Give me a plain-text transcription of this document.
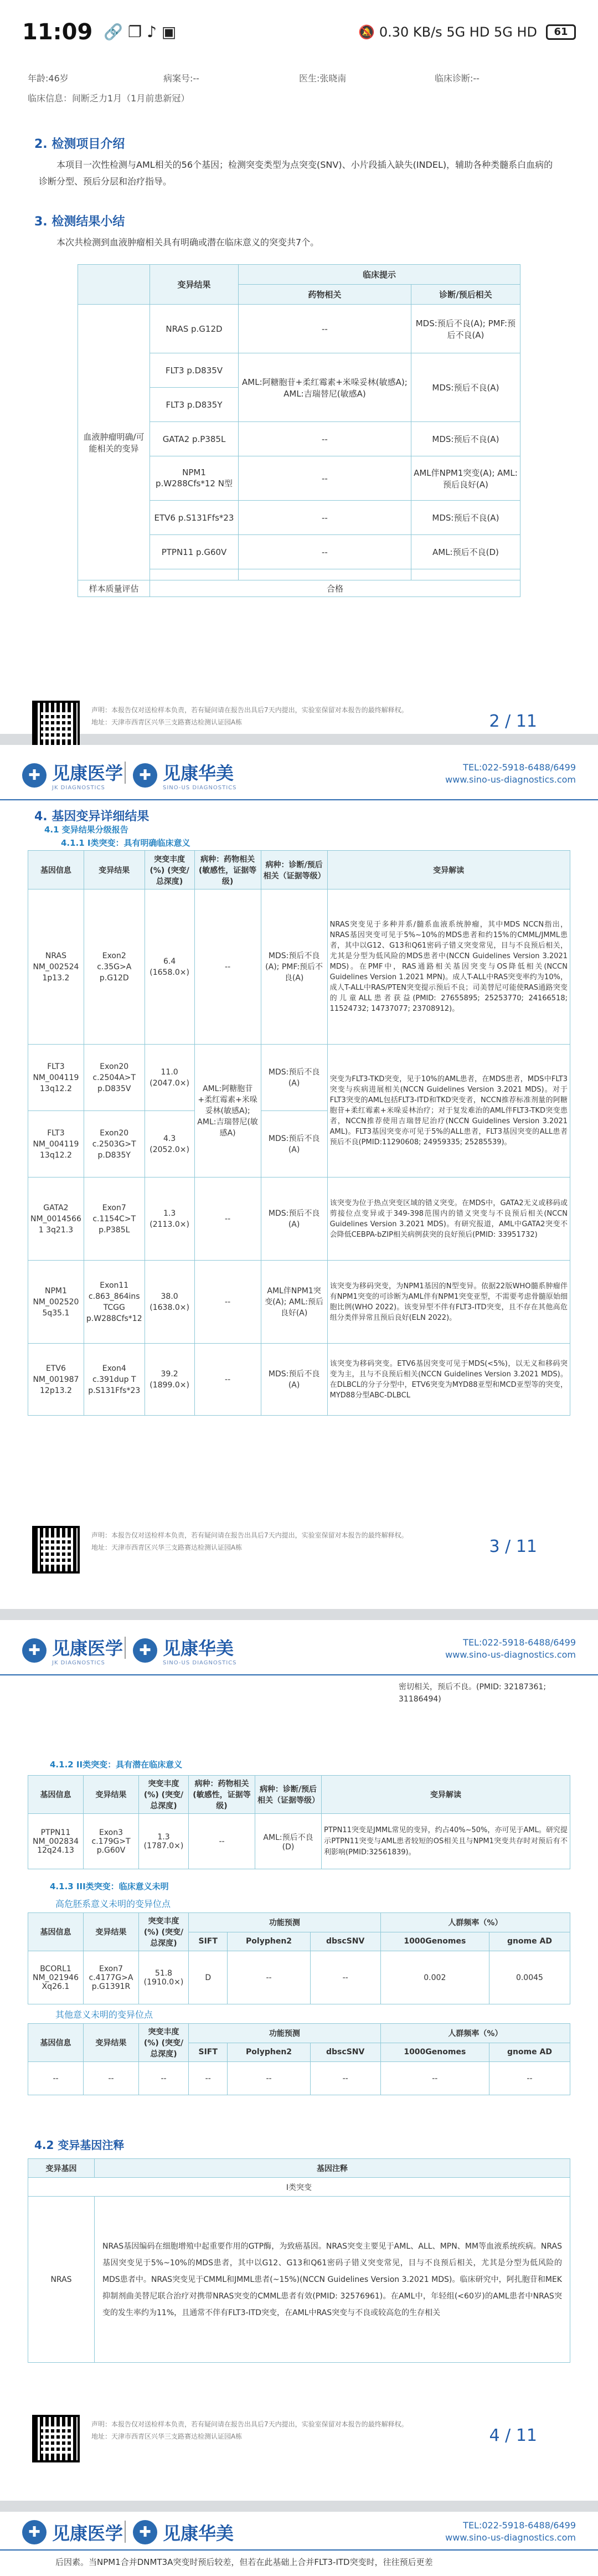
11:09 🔗 ❐ ♪ ▣	🔕 0.30 KB/s 5G HD 5G HD	61
年龄:46岁	病案号:--	医生:张晓南	临床诊断:--
临床信息：间断乏力1月（1月前患新冠）
2. 检测项目介绍

本项目一次性检测与AML相关的56个基因；检测突变类型为点突变(SNV)、小片段插入缺失(INDEL)，辅助各种类髓系白血病的诊断分型、预后分层和治疗指导。

3. 检测结果小结

本次共检测到血液肿瘤相关具有明确或潜在临床意义的突变共7个。

	变异结果	临床提示	
		药物相关	诊断/预后相关
血液肿瘤明确/可能相关的变异	NRAS p.G12D	--	MDS:预后不良(A); PMF:预后不良(A)
	FLT3 p.D835V	AML:阿糖胞苷+柔红霉素+米哚妥林(敏感A); AML:吉瑞替尼(敏感A)	MDS:预后不良(A)
	FLT3 p.D835Y		
	GATA2 p.P385L	--	MDS:预后不良(A)
	NPM1 p.W288Cfs*12 N型	--	AML伴NPM1突变(A); AML:预后良好(A)
	ETV6 p.S131Ffs*23	--	MDS:预后不良(A)
	PTPN11 p.G60V	--	AML:预后不良(D)

样本质量评估	合格		
声明：本报告仅对送检样本负责，若有疑问请在报告出具后7天内提出，实验室保留对本报告的最终解释权。
地址：天津市西青区兴华三支路赛达检测认证园A栋	2 / 11
✚ 见康医学
JK DIAGNOSTICS
✚ 见康华美
SINO-US DIAGNOSTICS
TEL:022-5918-6488/6499
www.sino-us-diagnostics.com
4. 基因变异详细结果
4.1 变异结果分级报告
4.1.1 I类突变：具有明确临床意义
基因信息	变异结果	突变丰度(%) (突变/总深度)	病种：药物相关 (敏感性，证据等级)	病种：诊断/预后相关（证据等级）	变异解读
NRAS NM_002524 1p13.2	Exon2 c.35G>A p.G12D	6.4 (1658.0×)	--	MDS:预后不良(A); PMF:预后不良(A)	NRAS突变见于多种并系/髓系血液系统肿瘤，其中MDS NCCN指出，NRAS基因突变可见于5%~10%的MDS患者和约15%的CMML/JMML患者，其中以G12、G13和Q61密码子错义突变常见，目与不良预后相关，尤其是分型为低风险的MDS患者中(NCCN Guidelines Version 3.2021 MDS)。在PMF中，RAS通路相关基因突变与OS降低相关(NCCN Guidelines Version 1.2021 MPN)。成人T-ALL中RAS突变率约为10%，成人T-ALL中RAS/PTEN突变提示预后不良；司美替尼可能使RAS通路突变的儿童ALL患者获益(PMID: 27655895; 25253770; 24166518; 11524732; 14737077; 23708912)。
FLT3 NM_004119 13q12.2	Exon20 c.2504A>T p.D835V	11.0 (2047.0×)	AML:阿糖胞苷+柔红霉素+米哚妥林(敏感A); AML:吉瑞替尼(敏感A)	MDS:预后不良(A)	突变为FLT3-TKD突变，见于10%的AML患者，在MDS患者，MDS中FLT3突变与疾病进展相关(NCCN Guidelines Version 3.2021 MDS)。对于FLT3突变的AML包括FLT3-ITD和TKD突变者，NCCN推荐标准剂量的阿糖胞苷+柔红霉素+米哚妥林治疗；对于复发难治的AML伴FLT3-TKD突变患者，NCCN推荐使用吉瑞替尼治疗(NCCN Guidelines Version 3.2021 AML)。FLT3基因突变亦可见于5%的ALL患者，FLT3基因突变的ALL患者预后不良(PMID:11290608; 24959335; 25285539)。
FLT3 NM_004119 13q12.2	Exon20 c.2503G>T p.D835Y	4.3 (2052.0×)		MDS:预后不良(A)	
GATA2 NM_0014566 1 3q21.3	Exon7 c.1154C>T p.P385L	1.3 (2113.0×)	--	MDS:预后不良(A)	该突变为位于热点突变区域的错义突变。在MDS中，GATA2无义或移码或剪接位点变异或于349-398范围内的错义突变与不良预后相关(NCCN Guidelines Version 3.2021 MDS)。有研究报道，AML中GATA2突变不会降低CEBPA-bZIP相关病例获突的良好预后(PMID: 33951732)
NPM1 NM_002520 5q35.1	Exon11 c.863_864ins TCGG p.W288Cfs*12	38.0 (1638.0×)	--	AML伴NPM1突变(A); AML:预后良好(A)	该突变为移码突变，为NPM1基因的N型变异。依据22版WHO髓系肿瘤伴有NPM1突变的可诊断为AML伴有NPM1突变亚型，不需要考虑骨髓原始细胞比例(WHO 2022)。该变异型不伴有FLT3-ITD突变，且不存在其他高危组分类伴异常且预后良好(ELN 2022)。
ETV6 NM_001987 12p13.2	Exon4 c.391dup T p.S131Ffs*23	39.2 (1899.0×)	--	MDS:预后不良(A)	该突变为移码突变。ETV6基因突变可见于MDS(<5%)，以无义和移码突变为主，且与不良预后相关(NCCN Guidelines Version 3.2021 MDS)。在DLBCL的分子分型中，ETV6突变为MYD88亚型和MCD亚型等的突变，MYD88分型ABC-DLBCL
声明：本报告仅对送检样本负责，若有疑问请在报告出具后7天内提出，实验室保留对本报告的最终解释权。
地址：天津市西青区兴华三支路赛达检测认证园A栋	3 / 11
✚ 见康医学
JK DIAGNOSTICS
✚ 见康华美
SINO-US DIAGNOSTICS
TEL:022-5918-6488/6499
www.sino-us-diagnostics.com
密切相关，预后不良。(PMID: 32187361; 31186494)
4.1.2 II类突变：具有潜在临床意义
基因信息	变异结果	突变丰度(%) (突变/总深度)	病种：药物相关 (敏感性，证据等级)	病种：诊断/预后相关（证据等级）	变异解读
PTPN11 NM_002834 12q24.13	Exon3 c.179G>T p.G60V	1.3 (1787.0×)	--	AML:预后不良(D)	PTPN11突变是JMML常见的变异，约占40%~50%，亦可见于AML。研究提示PTPN11突变与AML患者较短的OS相关且与NPM1突变共存时对预后有不利影响(PMID:32561839)。
4.1.3 III类突变：临床意义未明
高危胚系意义未明的变异位点
基因信息	变异结果	突变丰度(%) (突变/总深度)	功能预测			人群频率（%）	
			SIFT	Polyphen2	dbscSNV	1000Genomes	gnome AD
BCORL1 NM_021946 Xq26.1	Exon7 c.4177G>A p.G1391R	51.8 (1910.0×)	D	--	--	0.002	0.0045
其他意义未明的变异位点
基因信息	变异结果	突变丰度(%) (突变/总深度)	功能预测			人群频率（%）	
			SIFT	Polyphen2	dbscSNV	1000Genomes	gnome AD
--	--	--	--	--	--	--	--
4.2 变异基因注释
变异基因	基因注释
I类突变	
NRAS	NRAS基因编码在细胞增殖中起重要作用的GTP酶，为致癌基因。NRAS突变主要见于AML、ALL、MPN、MM等血液系统疾病。NRAS基因突变见于5%~10%的MDS患者，其中以G12、G13和Q61密码子错义突变常见，目与不良预后相关，尤其是分型为低风险的MDS患者中。NRAS突变见于CMML和JMML患者(~15%)(NCCN Guidelines Version 3.2021 MDS)。临床研究中，阿扎胞苷和MEK抑制剂曲美替尼联合治疗对携带NRAS突变的CMML患者有效(PMID: 32576961)。在AML中，年轻组(<60岁)的AML患者中NRAS突变的发生率约为11%，且通常不伴有FLT3-ITD突变，在AML中RAS突变与不良或较高危的生存相关
声明：本报告仅对送检样本负责，若有疑问请在报告出具后7天内提出，实验室保留对本报告的最终解释权。
地址：天津市西青区兴华三支路赛达检测认证园A栋	4 / 11
✚ 见康医学	✚ 见康华美	TEL:022-5918-6488/6499
www.sino-us-diagnostics.com
后因素。当NPM1合并DNMT3A突变时预后较差，但若在此基础上合并FLT3-ITD突变时，往往预后更差
